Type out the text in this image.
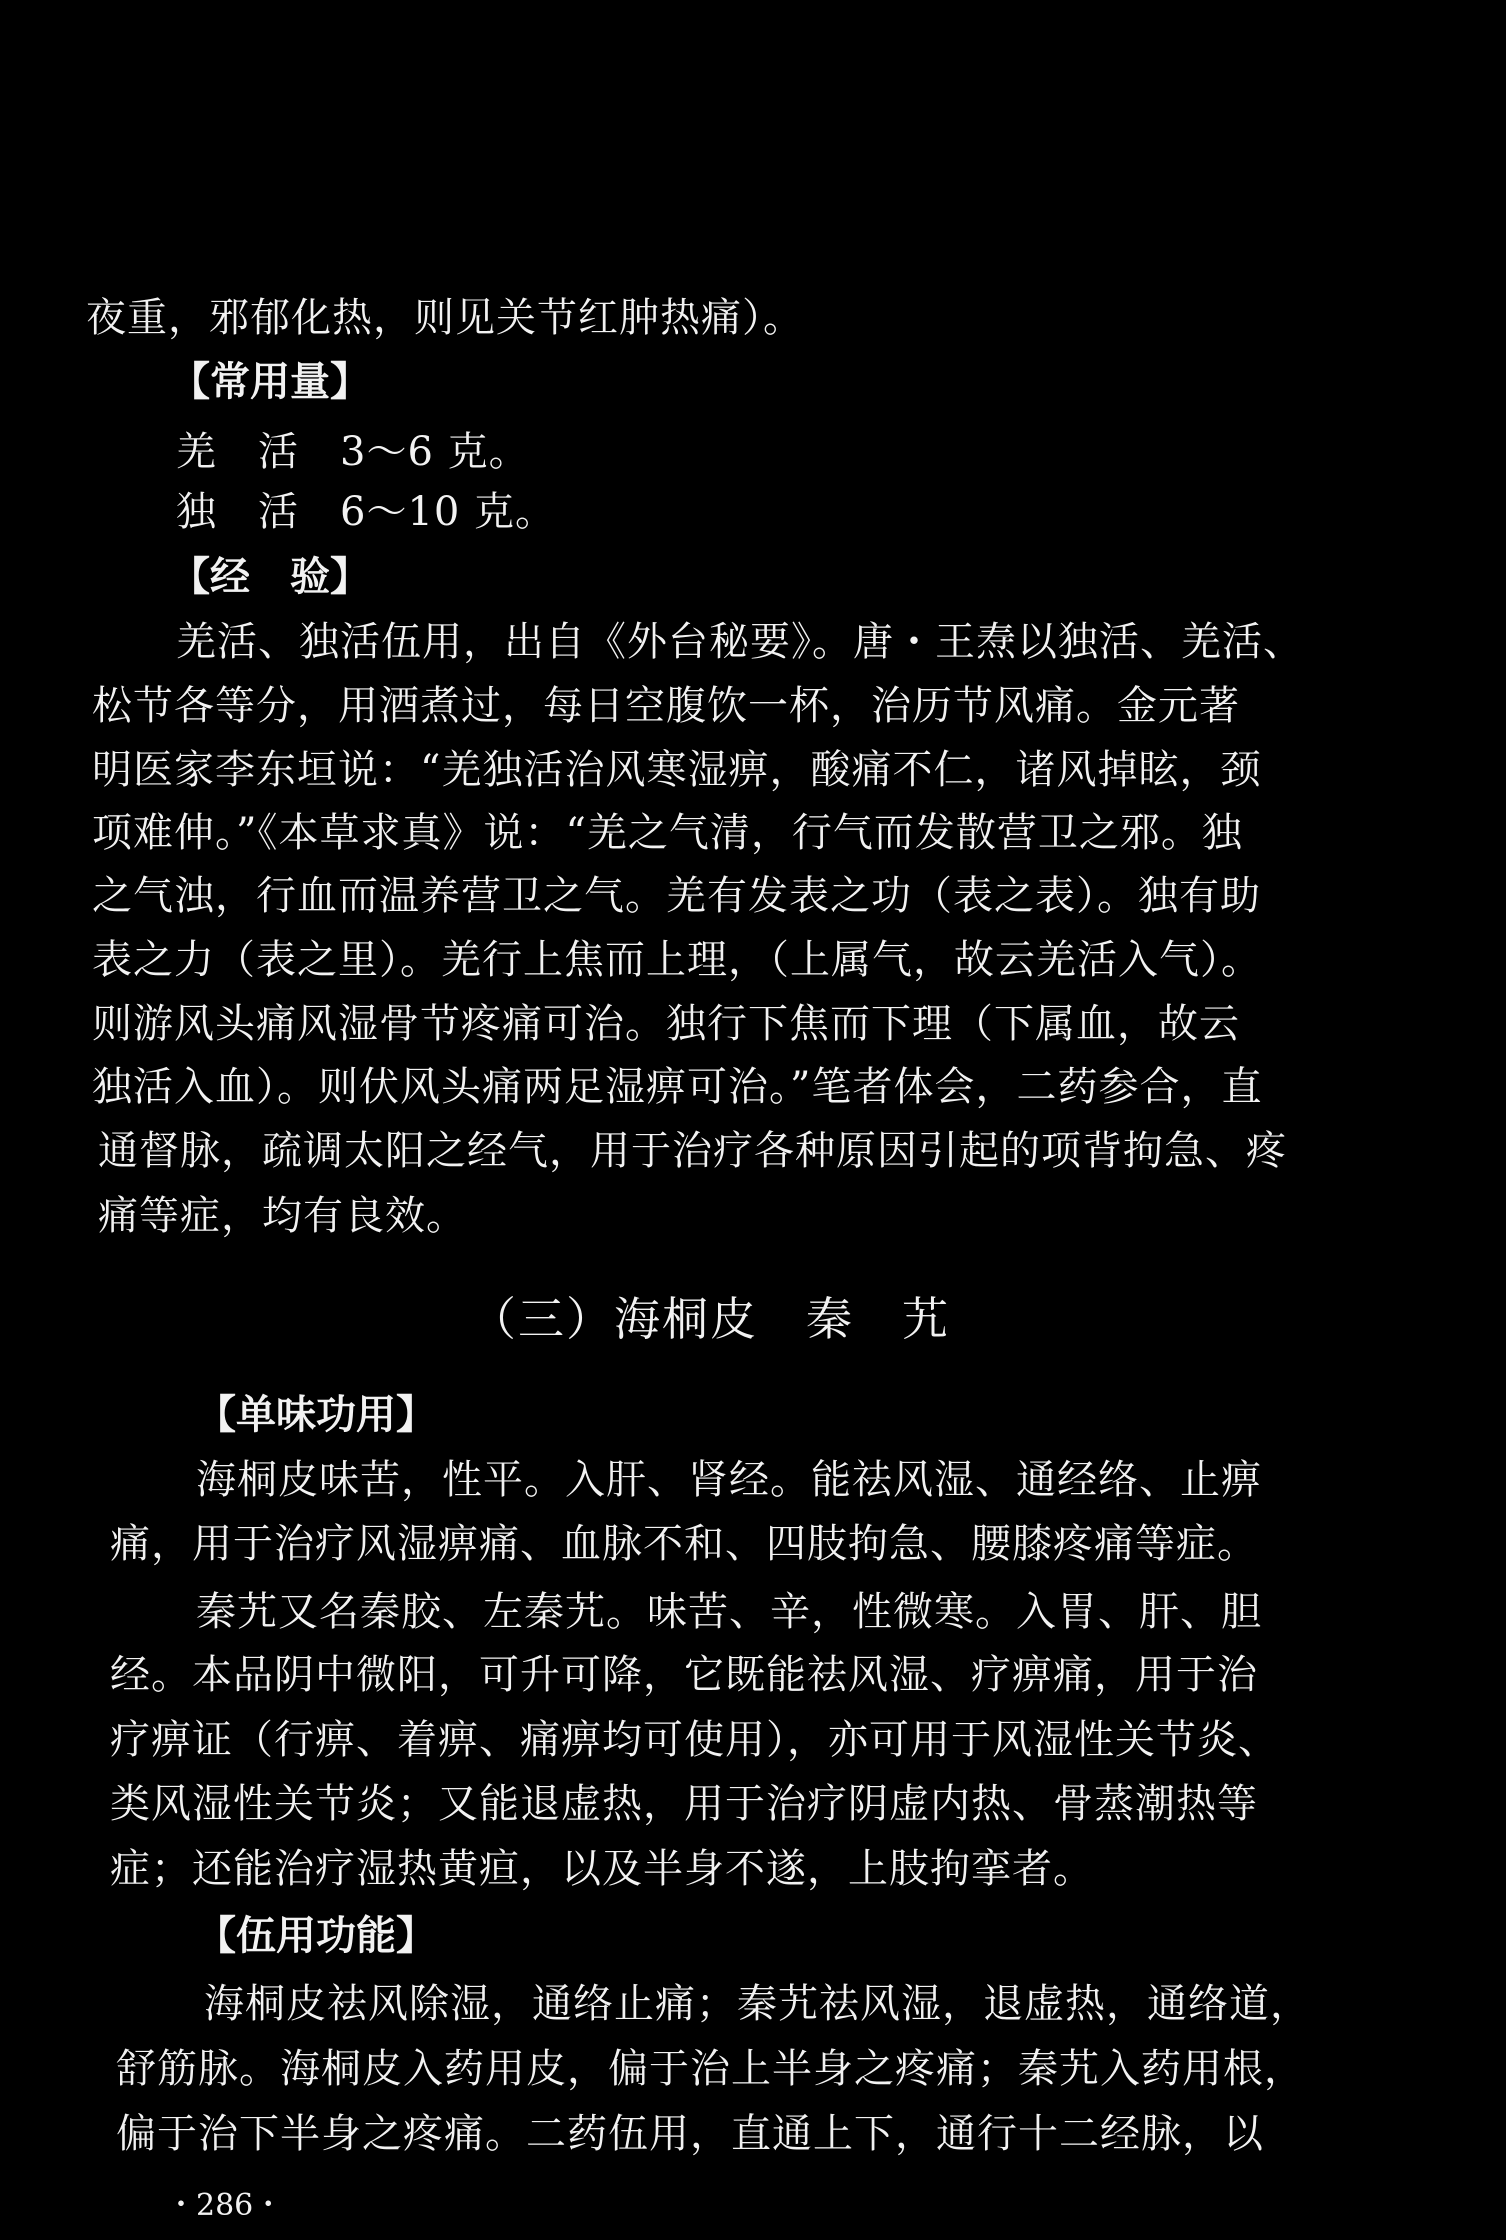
夜重，邪郁化热，则见关节红肿热痛）。
【常用量】
羌　活　3～6 克。
独　活　6～10 克。
【经　验】
羌活、独活伍用，出自《外台秘要》。唐・王焘以独活、羌活、
松节各等分，用酒煮过，每日空腹饮一杯，治历节风痛。金元著
明医家李东垣说：“羌独活治风寒湿痹，酸痛不仁，诸风掉眩，颈
项难伸。”《本草求真》说：“羌之气清，行气而发散营卫之邪。独
之气浊，行血而温养营卫之气。羌有发表之功（表之表）。独有助
表之力（表之里）。羌行上焦而上理，（上属气，故云羌活入气）。
则游风头痛风湿骨节疼痛可治。独行下焦而下理（下属血，故云
独活入血）。则伏风头痛两足湿痹可治。”笔者体会，二药参合，直
通督脉，疏调太阳之经气，用于治疗各种原因引起的项背拘急、疼
痛等症，均有良效。
（三）海桐皮　秦　艽
【单味功用】
海桐皮味苦，性平。入肝、肾经。能祛风湿、通经络、止痹
痛，用于治疗风湿痹痛、血脉不和、四肢拘急、腰膝疼痛等症。
秦艽又名秦胶、左秦艽。味苦、辛，性微寒。入胃、肝、胆
经。本品阴中微阳，可升可降，它既能祛风湿、疗痹痛，用于治
疗痹证（行痹、着痹、痛痹均可使用），亦可用于风湿性关节炎、
类风湿性关节炎；又能退虚热，用于治疗阴虚内热、骨蒸潮热等
症；还能治疗湿热黄疸，以及半身不遂，上肢拘挛者。
【伍用功能】
海桐皮祛风除湿，通络止痛；秦艽祛风湿，退虚热，通络道，
舒筋脉。海桐皮入药用皮，偏于治上半身之疼痛；秦艽入药用根，
偏于治下半身之疼痛。二药伍用，直通上下，通行十二经脉，以
・286・
